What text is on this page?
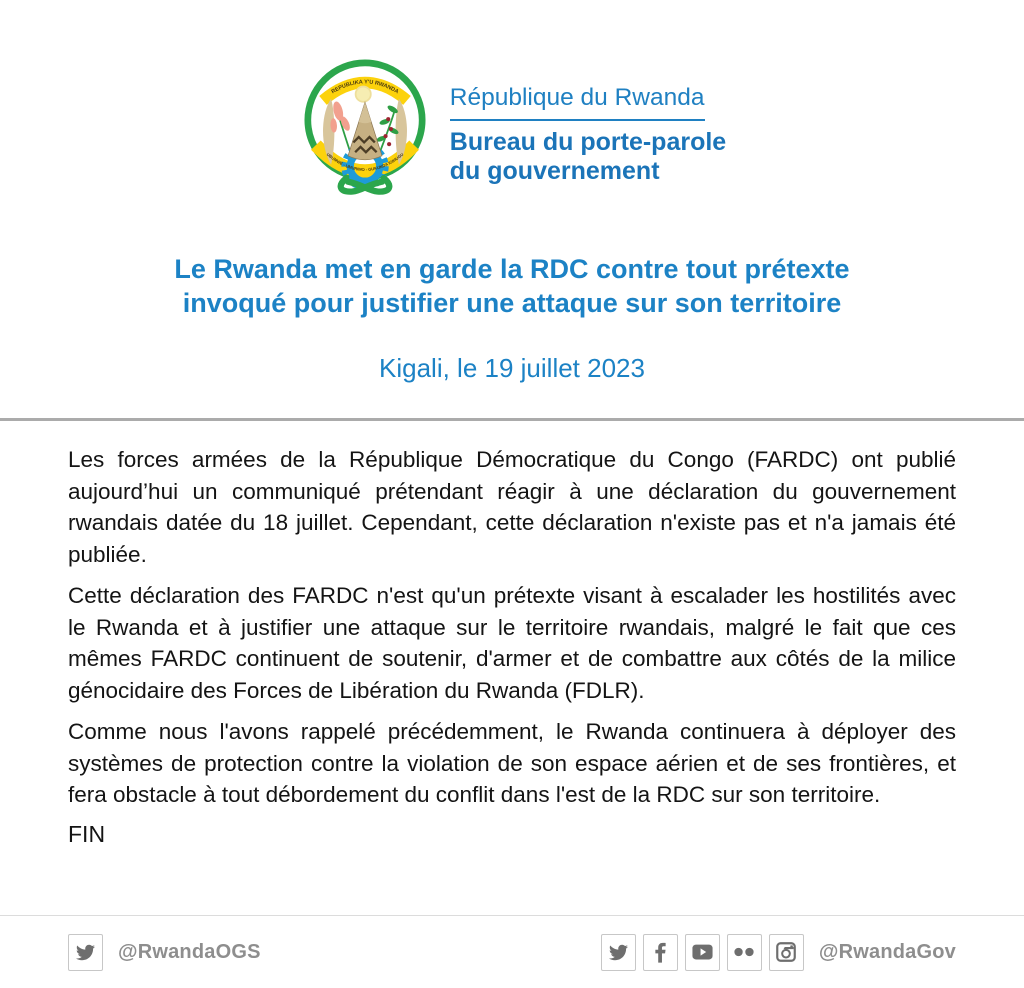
REPUBLIKA Y'U RWANDA
UBUMWE - UMURIMO - GUKUNDA IGIHUGU
République du Rwanda
Bureau du porte-parole
du gouvernement
Le Rwanda met en garde la RDC contre tout prétexte
invoqué pour justifier une attaque sur son territoire
Kigali, le 19 juillet 2023

Les forces armées de la République Démocratique du Congo (FARDC) ont publié aujourd’hui un communiqué prétendant réagir à une déclaration du gouvernement rwandais datée du 18 juillet. Cependant, cette déclaration n'existe pas et n'a jamais été publiée.

Cette déclaration des FARDC n'est qu'un prétexte visant à escalader les hostilités avec le Rwanda et à justifier une attaque sur le territoire rwandais, malgré le fait que ces mêmes FARDC continuent de soutenir, d'armer et de combattre aux côtés de la milice génocidaire des Forces de Libération du Rwanda (FDLR).

Comme nous l'avons rappelé précédemment, le Rwanda continuera à déployer des systèmes de protection contre la violation de son espace aérien et de ses frontières, et fera obstacle à tout débordement du conflit dans l'est de la RDC sur son territoire.

FIN
@RwandaOGS	@RwandaGov
